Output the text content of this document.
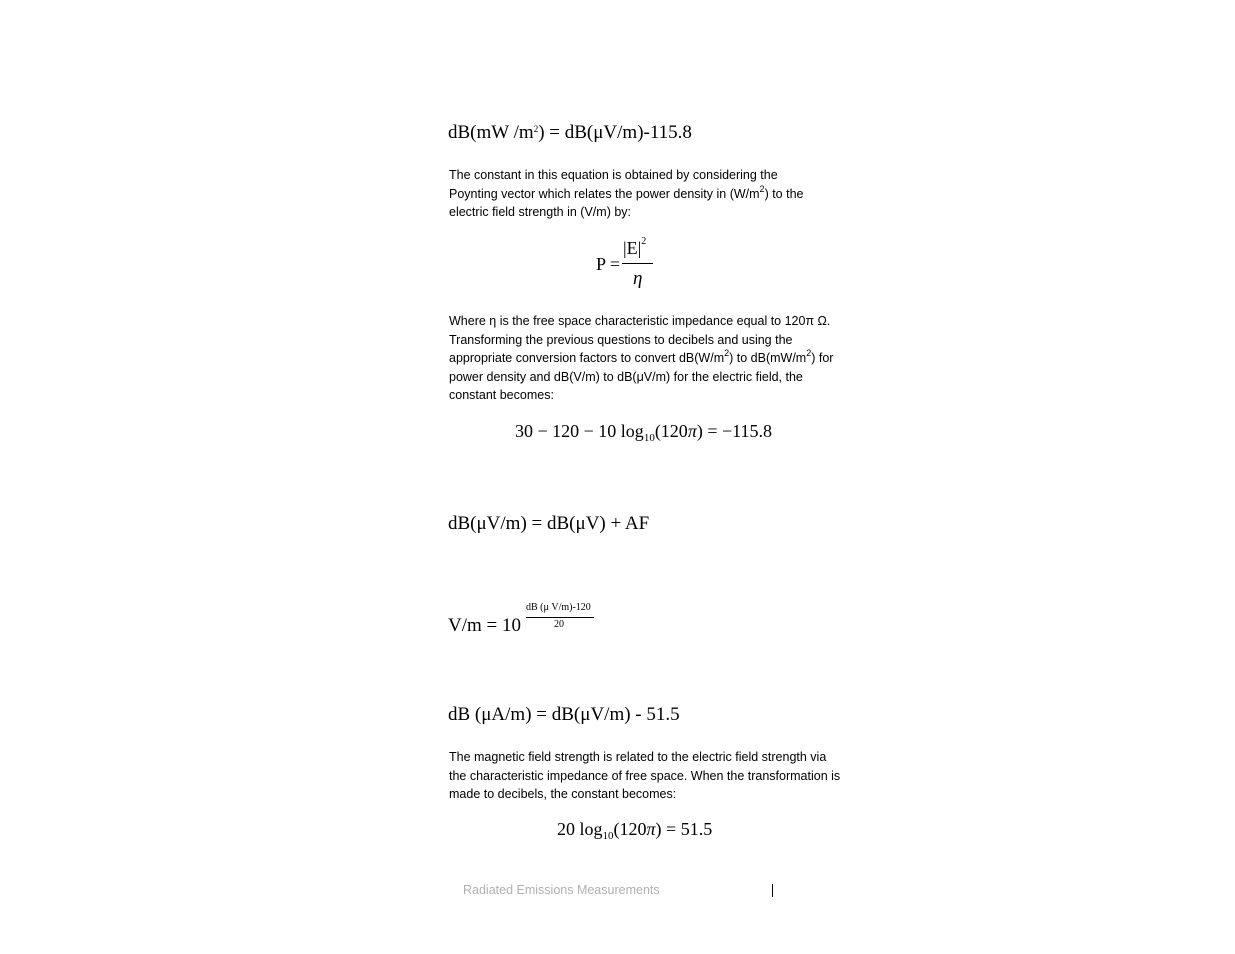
dB(mW $/m^2) = dB(\mu V/m)-115.8$

The constant in this equation is obtained by considering the

Poynting vector which relates the power density in $(W/m^2)$ to the

electric field strength in (V/m) by:

P =
$|E|^2$
η

Where η is the free space characteristic impedance equal to 120π Ω.

Transforming the previous questions to decibels and using the

appropriate conversion factors to convert $dB(W/m^2)$ to $dB(mW/m^2)$ for

power density and dB(V/m) to dB(μV/m) for the electric field, the

constant becomes:

30 − 120 − 10 $\log_{10}(120\pi) = -115.8$
dB(μV/m) = dB(μV) + AF
V/m = 10
dB (μ V/m)-120
20
dB (μA/m) = dB(μV/m) - 51.5

The magnetic field strength is related to the electric field strength via

the characteristic impedance of free space. When the transformation is

made to decibels, the constant becomes:

20 $\log_{10}(120\pi) = 51.5$
Radiated Emissions Measurements
